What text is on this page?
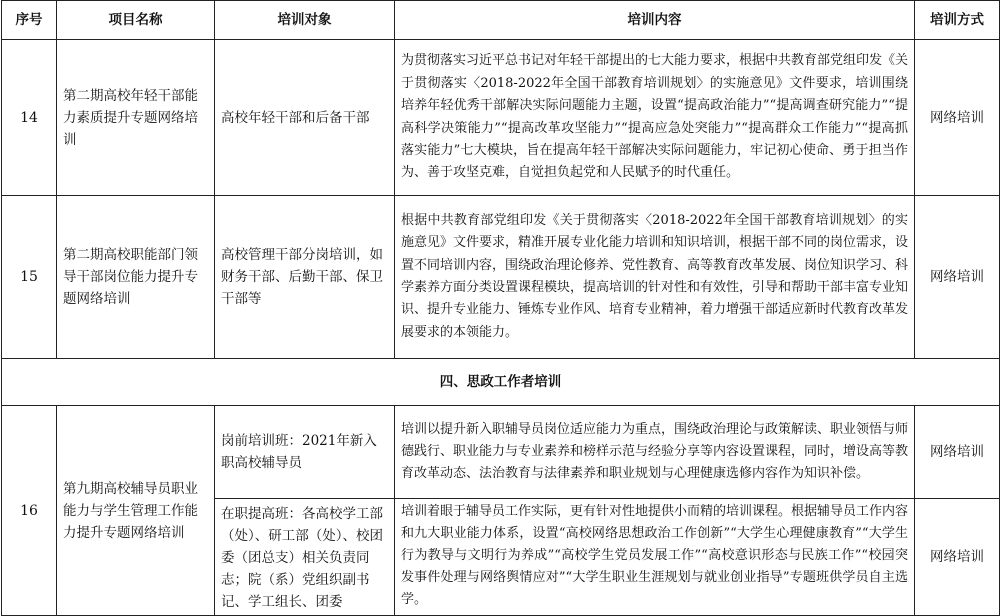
序号	项目名称	培训对象	培训内容	培训方式
14	第二期高校年轻干部能力素质提升专题网络培训	高校年轻干部和后备干部	为贯彻落实习近平总书记对年轻干部提出的七大能力要求，根据中共教育部党组印发《关于贯彻落实〈2018-2022年全国干部教育培训规划〉的实施意见》文件要求，培训围绕培养年轻优秀干部解决实际问题能力主题，设置“提高政治能力”“提高调查研究能力”“提高科学决策能力”“提高改革攻坚能力”“提高应急处突能力”“提高群众工作能力”“提高抓落实能力”七大模块，旨在提高年轻干部解决实际问题能力，牢记初心使命、勇于担当作为、善于攻坚克难，自觉担负起党和人民赋予的时代重任。	网络培训
15	第二期高校职能部门领导干部岗位能力提升专题网络培训	高校管理干部分岗培训，如财务干部、后勤干部、保卫干部等	根据中共教育部党组印发《关于贯彻落实〈2018-2022年全国干部教育培训规划〉的实施意见》文件要求，精准开展专业化能力培训和知识培训，根据干部不同的岗位需求，设置不同培训内容，围绕政治理论修养、党性教育、高等教育改革发展、岗位知识学习、科学素养方面分类设置课程模块，提高培训的针对性和有效性，引导和帮助干部丰富专业知识、提升专业能力、锤炼专业作风、培育专业精神，着力增强干部适应新时代教育改革发展要求的本领能力。	网络培训
四、思政工作者培训				
16	第九期高校辅导员职业能力与学生管理工作能力提升专题网络培训	岗前培训班：2021年新入职高校辅导员	培训以提升新入职辅导员岗位适应能力为重点，围绕政治理论与政策解读、职业领悟与师德践行、职业能力与专业素养和榜样示范与经验分享等内容设置课程，同时，增设高等教育改革动态、法治教育与法律素养和职业规划与心理健康选修内容作为知识补偿。	网络培训
		在职提高班：各高校学工部（处）、研工部（处）、校团委（团总支）相关负责同志；院（系）党组织副书记、学工组长、团委	培训着眼于辅导员工作实际，更有针对性地提供小而精的培训课程。根据辅导员工作内容和九大职业能力体系，设置“高校网络思想政治工作创新”“大学生心理健康教育”“大学生行为教导与文明行为养成”“高校学生党员发展工作”“高校意识形态与民族工作”“校园突发事件处理与网络舆情应对”“大学生职业生涯规划与就业创业指导”专题班供学员自主选学。	网络培训
